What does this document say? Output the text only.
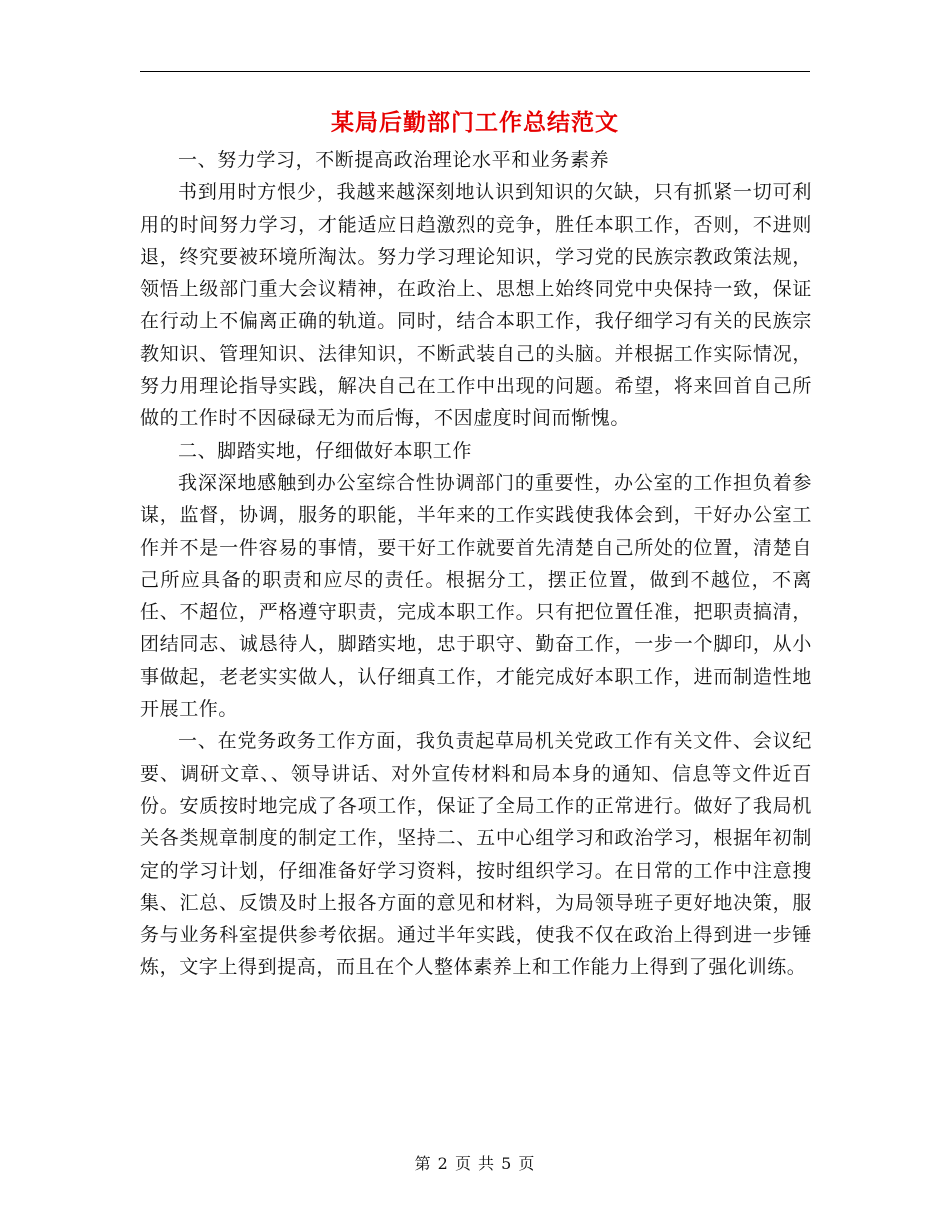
某局后勤部门工作总结范文

一、努力学习，不断提高政治理论水平和业务素养

书到用时方恨少，我越来越深刻地认识到知识的欠缺，只有抓紧一切可利用的时间努力学习，才能适应日趋激烈的竞争，胜任本职工作，否则，不进则退，终究要被环境所淘汰。努力学习理论知识，学习党的民族宗教政策法规，领悟上级部门重大会议精神，在政治上、思想上始终同党中央保持一致，保证在行动上不偏离正确的轨道。同时，结合本职工作，我仔细学习有关的民族宗教知识、管理知识、法律知识，不断武装自己的头脑。并根据工作实际情况，努力用理论指导实践，解决自己在工作中出现的问题。希望，将来回首自己所做的工作时不因碌碌无为而后悔，不因虚度时间而惭愧。

二、脚踏实地，仔细做好本职工作

我深深地感触到办公室综合性协调部门的重要性，办公室的工作担负着参谋，监督，协调，服务的职能，半年来的工作实践使我体会到，干好办公室工作并不是一件容易的事情，要干好工作就要首先清楚自己所处的位置，清楚自己所应具备的职责和应尽的责任。根据分工，摆正位置，做到不越位，不离任、不超位，严格遵守职责，完成本职工作。只有把位置任准，把职责搞清，团结同志、诚恳待人，脚踏实地，忠于职守、勤奋工作，一步一个脚印，从小事做起，老老实实做人，认仔细真工作，才能完成好本职工作，进而制造性地开展工作。

一、在党务政务工作方面，我负责起草局机关党政工作有关文件、会议纪要、调研文章、、领导讲话、对外宣传材料和局本身的通知、信息等文件近百份。安质按时地完成了各项工作，保证了全局工作的正常进行。做好了我局机关各类规章制度的制定工作，坚持二、五中心组学习和政治学习，根据年初制定的学习计划，仔细准备好学习资料，按时组织学习。在日常的工作中注意搜集、汇总、反馈及时上报各方面的意见和材料，为局领导班子更好地决策，服务与业务科室提供参考依据。通过半年实践，使我不仅在政治上得到进一步锤炼，文字上得到提高，而且在个人整体素养上和工作能力上得到了强化训练。

第 2 页 共 5 页
